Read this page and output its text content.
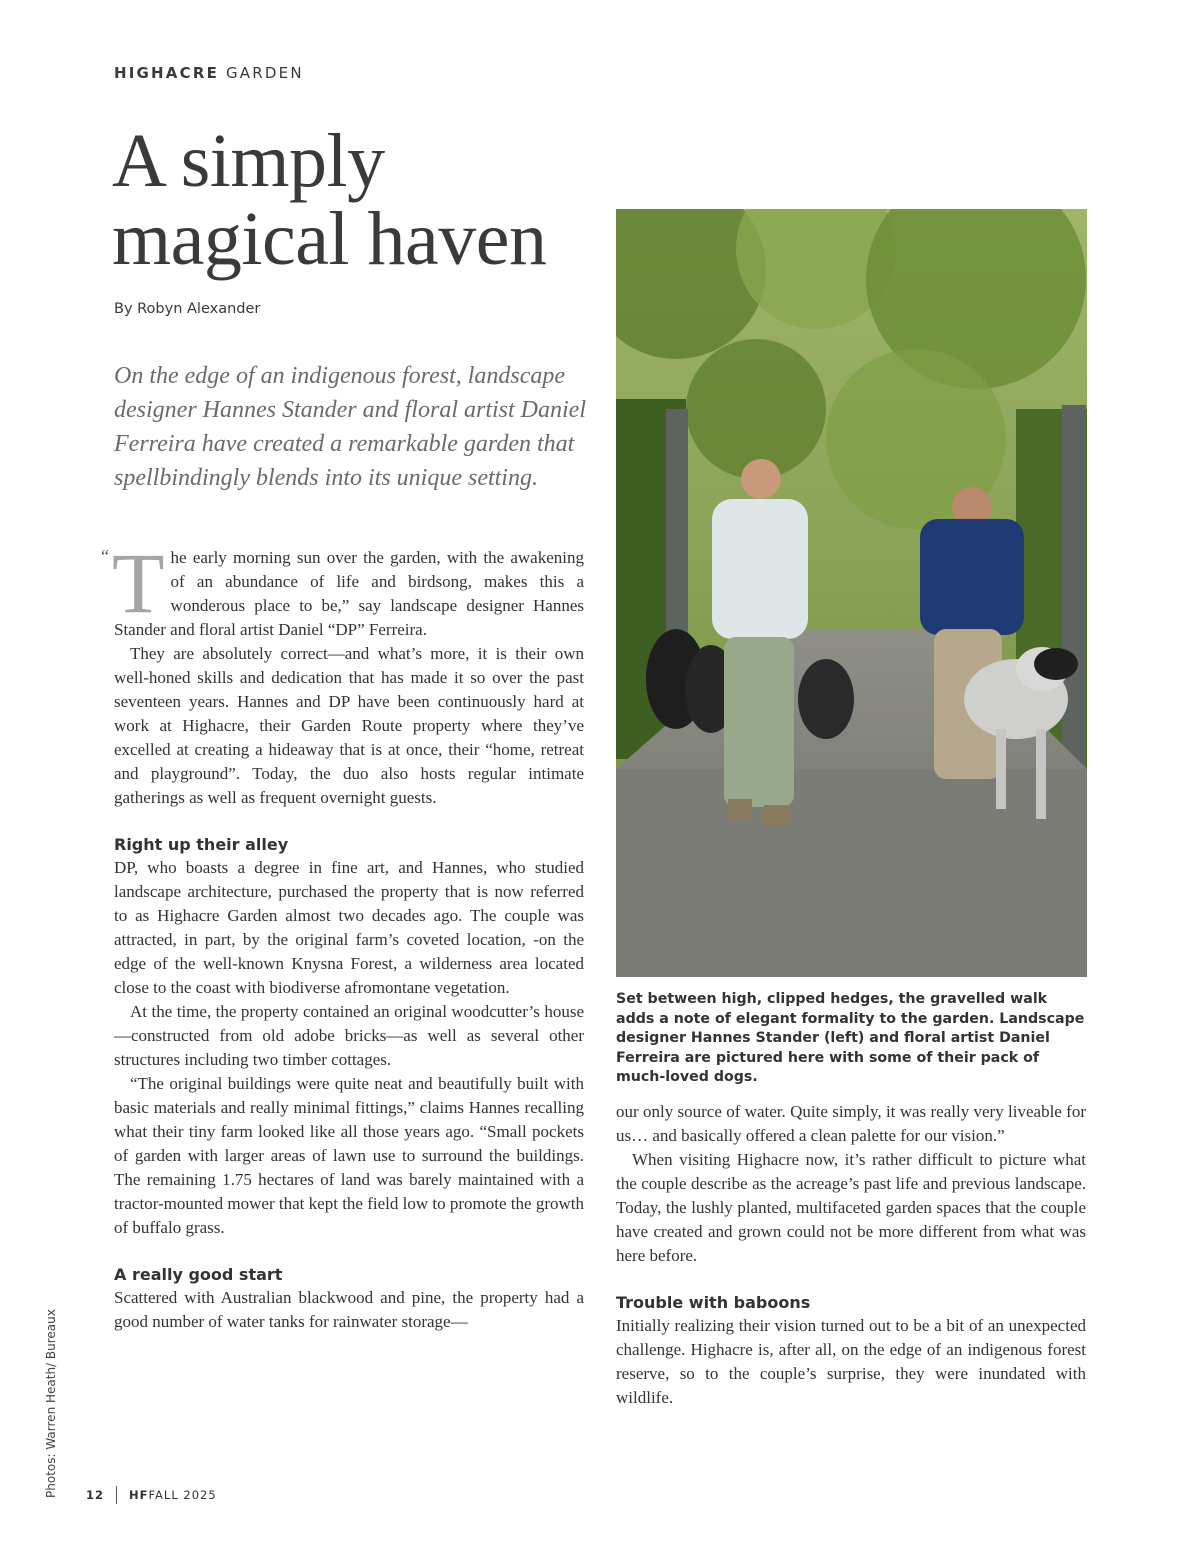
HIGHACRE GARDEN
A simply magical haven
By Robyn Alexander

On the edge of an indigenous forest, landscape designer Hannes Stander and floral artist Daniel Ferreira have created a remarkable garden that spellbindingly blends into its unique setting.

“ The early morning sun over the garden, with the awakening of an abundance of life and birdsong, makes this a wonderous place to be,” say landscape designer Hannes Stander and floral artist Daniel “DP” Ferreira.

They are absolutely correct—and what’s more, it is their own well-honed skills and dedication that has made it so over the past seventeen years. Hannes and DP have been continuously hard at work at Highacre, their Garden Route property where they’ve excelled at creating a hideaway that is at once, their “home, retreat and playground”. Today, the duo also hosts regular intimate gatherings as well as frequent overnight guests.

Right up their alley

DP, who boasts a degree in fine art, and Hannes, who studied landscape architecture, purchased the property that is now referred to as Highacre Garden almost two decades ago. The couple was attracted, in part, by the original farm’s coveted location, -on the edge of the well-known Knysna Forest, a wilderness area located close to the coast with biodiverse afromontane vegetation.

At the time, the property contained an original woodcutter’s house—constructed from old adobe bricks—as well as several other structures including two timber cottages.

“The original buildings were quite neat and beautifully built with basic materials and really minimal fittings,” claims Hannes recalling what their tiny farm looked like all those years ago. “Small pockets of garden with larger areas of lawn use to surround the buildings. The remaining 1.75 hectares of land was barely maintained with a tractor-mounted mower that kept the field low to promote the growth of buffalo grass.

A really good start

Scattered with Australian blackwood and pine, the property had a good number of water tanks for rainwater storage—

Set between high, clipped hedges, the gravelled walk adds a note of elegant formality to the garden. Landscape designer Hannes Stander (left) and floral artist Daniel Ferreira are pictured here with some of their pack of much-loved dogs.

our only source of water. Quite simply, it was really very liveable for us… and basically offered a clean palette for our vision.”

When visiting Highacre now, it’s rather difficult to picture what the couple describe as the acreage’s past life and previous landscape. Today, the lushly planted, multifaceted garden spaces that the couple have created and grown could not be more different from what was here before.

Trouble with baboons

Initially realizing their vision turned out to be a bit of an unexpected challenge. Highacre is, after all, on the edge of an indigenous forest reserve, so to the couple’s surprise, they were inundated with wildlife.

Photos: Warren Heath/ Bureaux 12 HFFALL 2025
